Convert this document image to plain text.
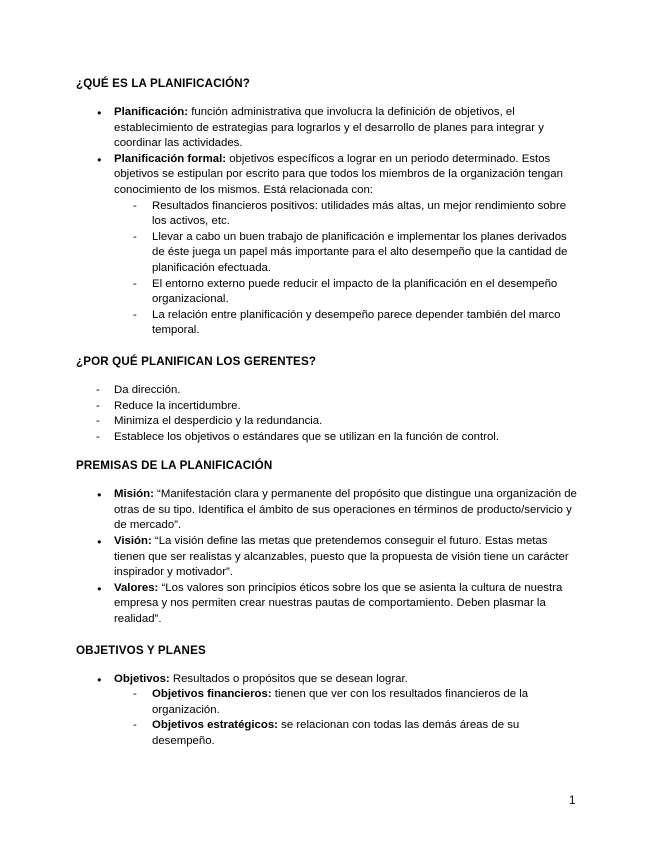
¿QUÉ ES LA PLANIFICACIÓN?
● Planificación: función administrativa que involucra la definición de objetivos, el establecimiento de estrategias para lograrlos y el desarrollo de planes para integrar y coordinar las actividades.
● Planificación formal: objetivos específicos a lograr en un periodo determinado. Estos objetivos se estipulan por escrito para que todos los miembros de la organización tengan conocimiento de los mismos. Está relacionada con:
- Resultados financieros positivos: utilidades más altas, un mejor rendimiento sobre los activos, etc.
- Llevar a cabo un buen trabajo de planificación e implementar los planes derivados de éste juega un papel más importante para el alto desempeño que la cantidad de planificación efectuada.
- El entorno externo puede reducir el impacto de la planificación en el desempeño organizacional.
- La relación entre planificación y desempeño parece depender también del marco temporal.
¿POR QUÉ PLANIFICAN LOS GERENTES?
- Da dirección.
- Reduce la incertidumbre.
- Minimiza el desperdicio y la redundancia.
- Establece los objetivos o estándares que se utilizan en la función de control.
PREMISAS DE LA PLANIFICACIÓN
● Misión: “Manifestación clara y permanente del propósito que distingue una organización de otras de su tipo. Identifica el ámbito de sus operaciones en términos de producto/servicio y de mercado”.
● Visión: “La visión define las metas que pretendemos conseguir el futuro. Estas metas tienen que ser realistas y alcanzables, puesto que la propuesta de visión tiene un carácter inspirador y motivador”.
● Valores: “Los valores son principios éticos sobre los que se asienta la cultura de nuestra empresa y nos permiten crear nuestras pautas de comportamiento. Deben plasmar la realidad”.
OBJETIVOS Y PLANES
● Objetivos: Resultados o propósitos que se desean lograr.
- Objetivos financieros: tienen que ver con los resultados financieros de la organización.
- Objetivos estratégicos: se relacionan con todas las demás áreas de su desempeño.
1
